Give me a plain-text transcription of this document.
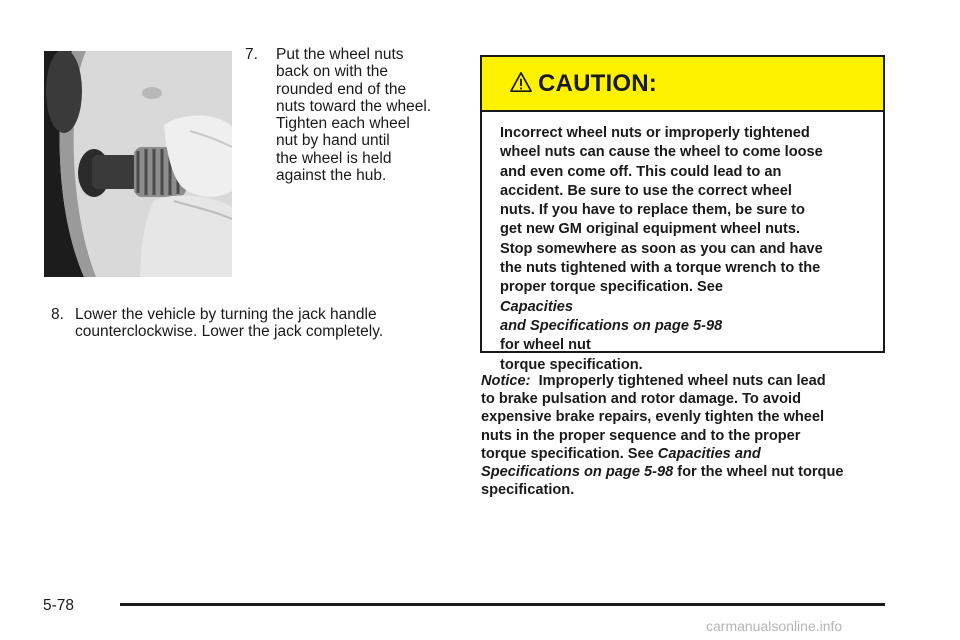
7. Put the wheel nuts
back on with the
rounded end of the
nuts toward the wheel.
Tighten each wheel
nut by hand until
the wheel is held
against the hub.
8. Lower the vehicle by turning the jack handle
counterclockwise. Lower the jack completely.
CAUTION:
Incorrect wheel nuts or improperly tightened
wheel nuts can cause the wheel to come loose
and even come off. This could lead to an
accident. Be sure to use the correct wheel
nuts. If you have to replace them, be sure to
get new GM original equipment wheel nuts.
Stop somewhere as soon as you can and have
the nuts tightened with a torque wrench to the
proper torque specification. See
Capacities
and Specifications on page 5-98
for wheel nut
torque specification.
Notice:  Improperly tightened wheel nuts can lead
to brake pulsation and rotor damage. To avoid
expensive brake repairs, evenly tighten the wheel
nuts in the proper sequence and to the proper
torque specification. See Capacities and
Specifications on page 5-98 for the wheel nut torque
specification.
5-78
carmanualsonline.info
